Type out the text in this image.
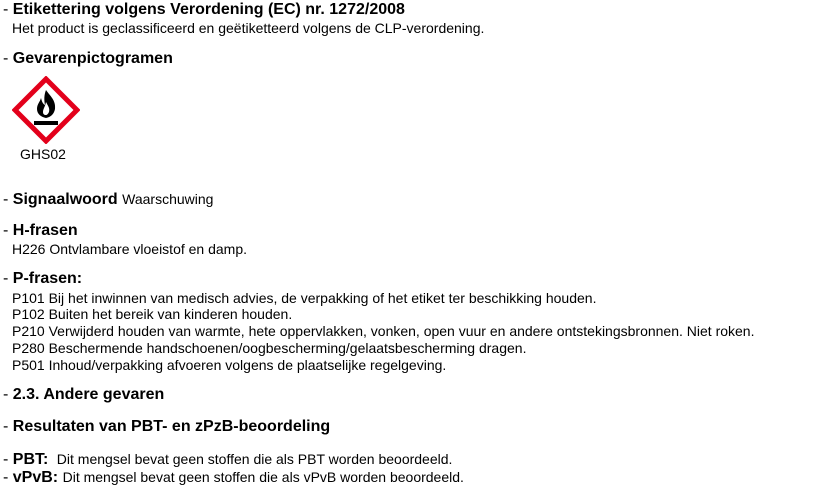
- Etikettering volgens Verordening (EC) nr. 1272/2008
Het product is geclassificeerd en geëtiketteerd volgens de CLP-verordening.
- Gevarenpictogramen
GHS02
- Signaalwoord Waarschuwing
- H-frasen
H226 Ontvlambare vloeistof en damp.
- P-frasen:
P101 Bij het inwinnen van medisch advies, de verpakking of het etiket ter beschikking houden.
P102 Buiten het bereik van kinderen houden.
P210 Verwijderd houden van warmte, hete oppervlakken, vonken, open vuur en andere ontstekingsbronnen. Niet roken.
P280 Beschermende handschoenen/oogbescherming/gelaatsbescherming dragen.
P501 Inhoud/verpakking afvoeren volgens de plaatselijke regelgeving.
- 2.3. Andere gevaren
- Resultaten van PBT- en zPzB-beoordeling
- PBT: Dit mengsel bevat geen stoffen die als PBT worden beoordeeld.
- vPvB: Dit mengsel bevat geen stoffen die als vPvB worden beoordeeld.
